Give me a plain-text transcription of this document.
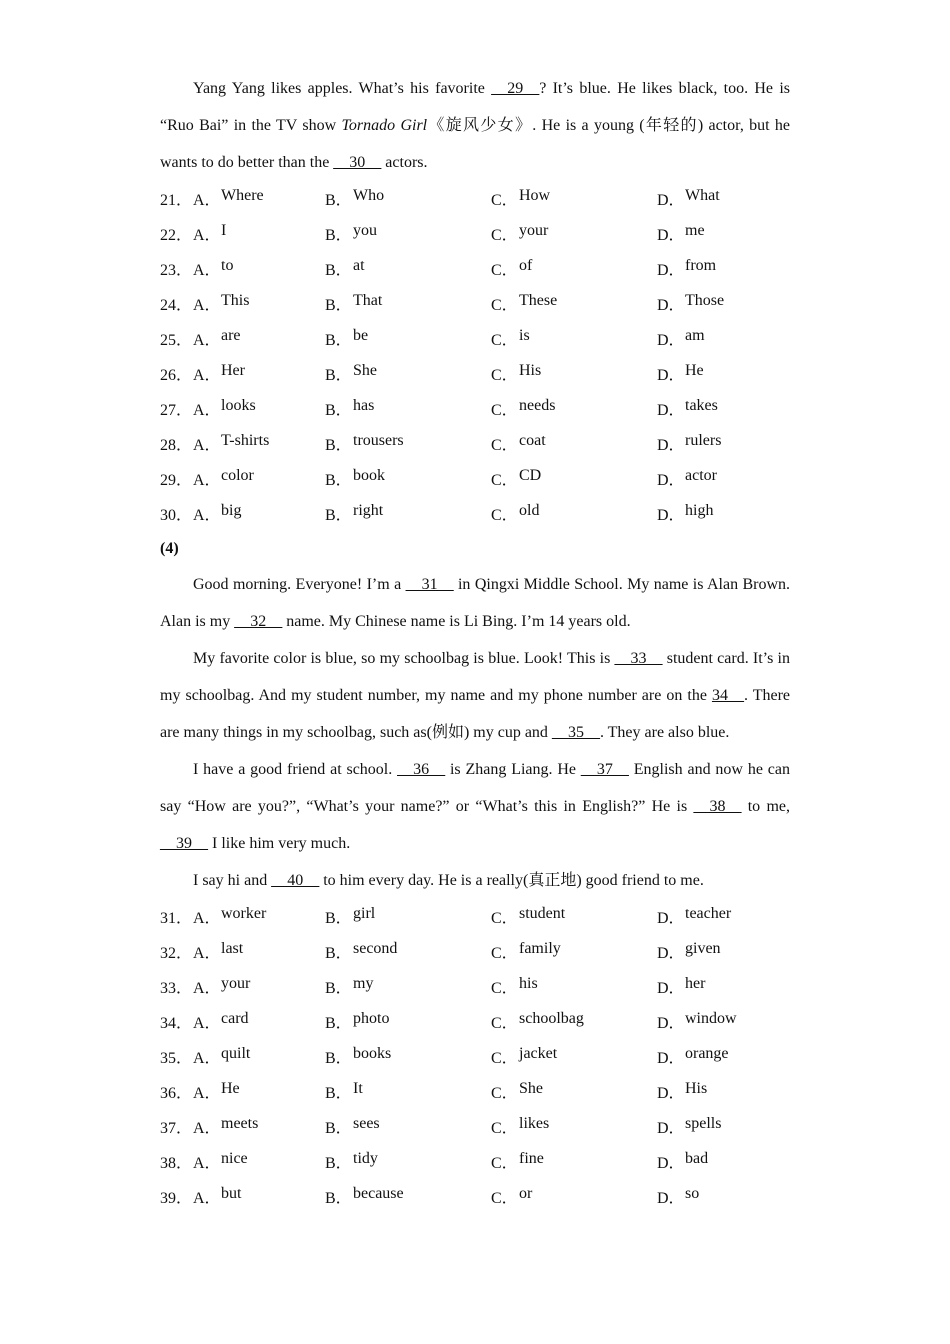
Yang Yang likes apples. What’s his favorite __29__? It’s blue. He likes black, too. He is “Ruo Bai” in the TV show Tornado Girl《旋风少女》. He is a young (年轻的) actor, but he wants to do better than the __30__ actors.

21． A． Where	B． Who	C． How	D． What
22． A． I	B． you	C． your	D． me
23． A． to	B． at	C． of	D． from
24． A． This	B． That	C． These	D． Those
25． A． are	B． be	C． is	D． am
26． A． Her	B． She	C． His	D． He
27． A． looks	B． has	C． needs	D． takes
28． A． T-shirts	B． trousers	C． coat	D． rulers
29． A． color	B． book	C． CD	D． actor
30． A． big	B． right	C． old	D． high

(4)

Good morning. Everyone! I’m a __31__ in Qingxi Middle School. My name is Alan Brown. Alan is my __32__ name. My Chinese name is Li Bing. I’m 14 years old.

My favorite color is blue, so my schoolbag is blue. Look! This is __33__ student card. It’s in my schoolbag. And my student number, my name and my phone number are on the 34__. There are many things in my schoolbag, such as(例如) my cup and __35__. They are also blue.

I have a good friend at school. __36__ is Zhang Liang. He __37__ English and now he can say “How are you?”, “What’s your name?” or “What’s this in English?” He is __38__ to me, __39__ I like him very much.

I say hi and __40__ to him every day. He is a really(真正地) good friend to me.

31． A． worker	B． girl	C． student	D． teacher
32． A． last	B． second	C． family	D． given
33． A． your	B． my	C． his	D． her
34． A． card	B． photo	C． schoolbag	D． window
35． A． quilt	B． books	C． jacket	D． orange
36． A． He	B． It	C． She	D． His
37． A． meets	B． sees	C． likes	D． spells
38． A． nice	B． tidy	C． fine	D． bad
39． A． but	B． because	C． or	D． so
